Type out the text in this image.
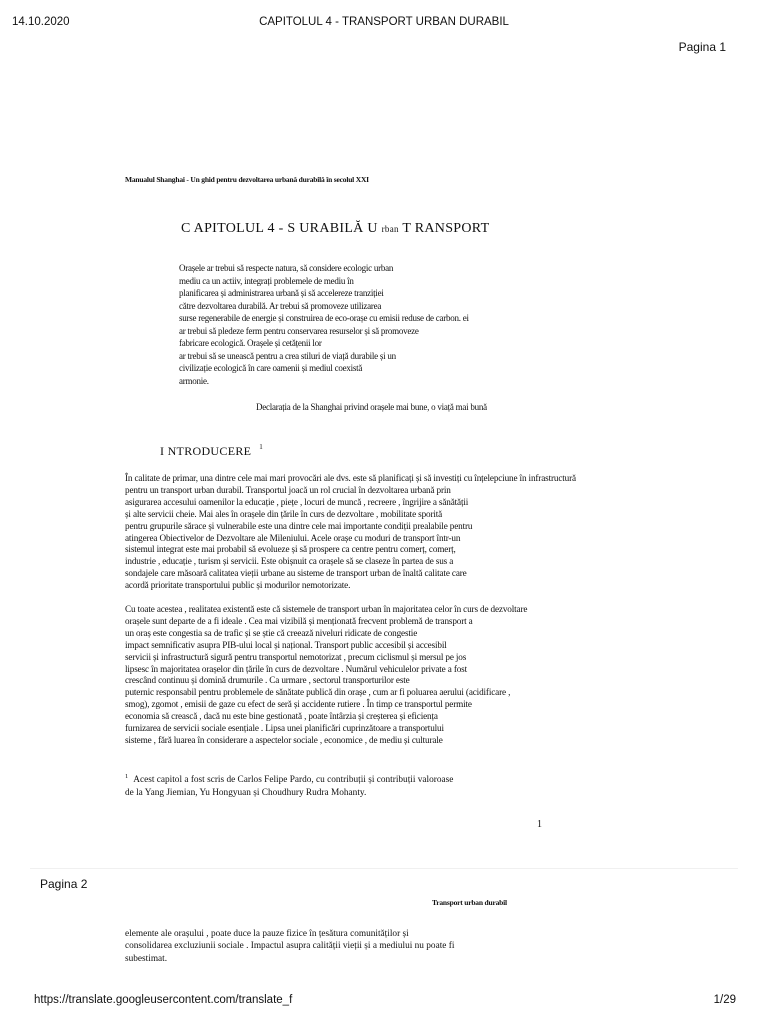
14.10.2020	CAPITOLUL 4 - TRANSPORT URBAN DURABIL
Pagina 1
Manualul Shanghai - Un ghid pentru dezvoltarea urbană durabilă în secolul XXI
C APITOLUL 4 - S URABILĂ U rban T RANSPORT
Orașele ar trebui să respecte natura, să considere ecologic urban
mediu ca un actiiv, integrați problemele de mediu în
planificarea și administrarea urbană și să accelereze tranziției
către dezvoltarea durabilă. Ar trebui să promoveze utilizarea
surse regenerabile de energie și construirea de eco-orașe cu emisii reduse de carbon. ei
ar trebui să pledeze ferm pentru conservarea resurselor și să promoveze
fabricare ecologică. Orașele și cetățenii lor
ar trebui să se unească pentru a crea stiluri de viață durabile și un
civilizație ecologică în care oamenii și mediul coexistă
armonie.
Declarația de la Shanghai privind orașele mai bune, o viață mai bună
I NTRODUCERE $^1$
În calitate de primar, una dintre cele mai mari provocări ale dvs. este să planificați și să investiți cu înțelepciune în infrastructură
pentru un transport urban durabil. Transportul joacă un rol crucial în dezvoltarea urbană prin
asigurarea accesului oamenilor la educație , piețe , locuri de muncă , recreere , îngrijire a sănătății
și alte servicii cheie. Mai ales în orașele din țările în curs de dezvoltare , mobilitate sporită
pentru grupurile sărace și vulnerabile este una dintre cele mai importante condiții prealabile pentru
atingerea Obiectivelor de Dezvoltare ale Mileniului. Acele orașe cu moduri de transport într-un
sistemul integrat este mai probabil să evolueze și să prospere ca centre pentru comerț, comerț,
industrie , educație , turism și servicii. Este obișnuit ca orașele să se claseze în partea de sus a
sondajele care măsoară calitatea vieții urbane au sisteme de transport urban de înaltă calitate care
acordă prioritate transportului public și modurilor nemotorizate.
Cu toate acestea , realitatea existentă este că sistemele de transport urban în majoritatea celor în curs de dezvoltare
orașele sunt departe de a fi ideale . Cea mai vizibilă și menționată frecvent problemă de transport a
un oraș este congestia sa de trafic și se știe că creează niveluri ridicate de congestie
impact semnificativ asupra PIB-ului local și național. Transport public accesibil și accesibil
servicii și infrastructură sigură pentru transportul nemotorizat , precum ciclismul și mersul pe jos
lipsesc în majoritatea orașelor din țările în curs de dezvoltare . Numărul vehiculelor private a fost
crescând continuu și domină drumurile . Ca urmare , sectorul transporturilor este
puternic responsabil pentru problemele de sănătate publică din orașe , cum ar fi poluarea aerului (acidificare ,
smog), zgomot , emisii de gaze cu efect de seră și accidente rutiere . În timp ce transportul permite
economia să crească , dacă nu este bine gestionată , poate întârzia și creșterea și eficiența
furnizarea de servicii sociale esențiale . Lipsa unei planificări cuprinzătoare a transportului
sisteme , fără luarea în considerare a aspectelor sociale , economice , de mediu și culturale
$^1$ Acest capitol a fost scris de Carlos Felipe Pardo, cu contribuții și contribuții valoroase
de la Yang Jiemian, Yu Hongyuan și Choudhury Rudra Mohanty.
1
Pagina 2
Transport urban durabil
elemente ale orașului , poate duce la pauze fizice în țesătura comunităților și
consolidarea excluziunii sociale . Impactul asupra calității vieții și a mediului nu poate fi
subestimat.
https://translate.googleusercontent.com/translate_f	1/29
